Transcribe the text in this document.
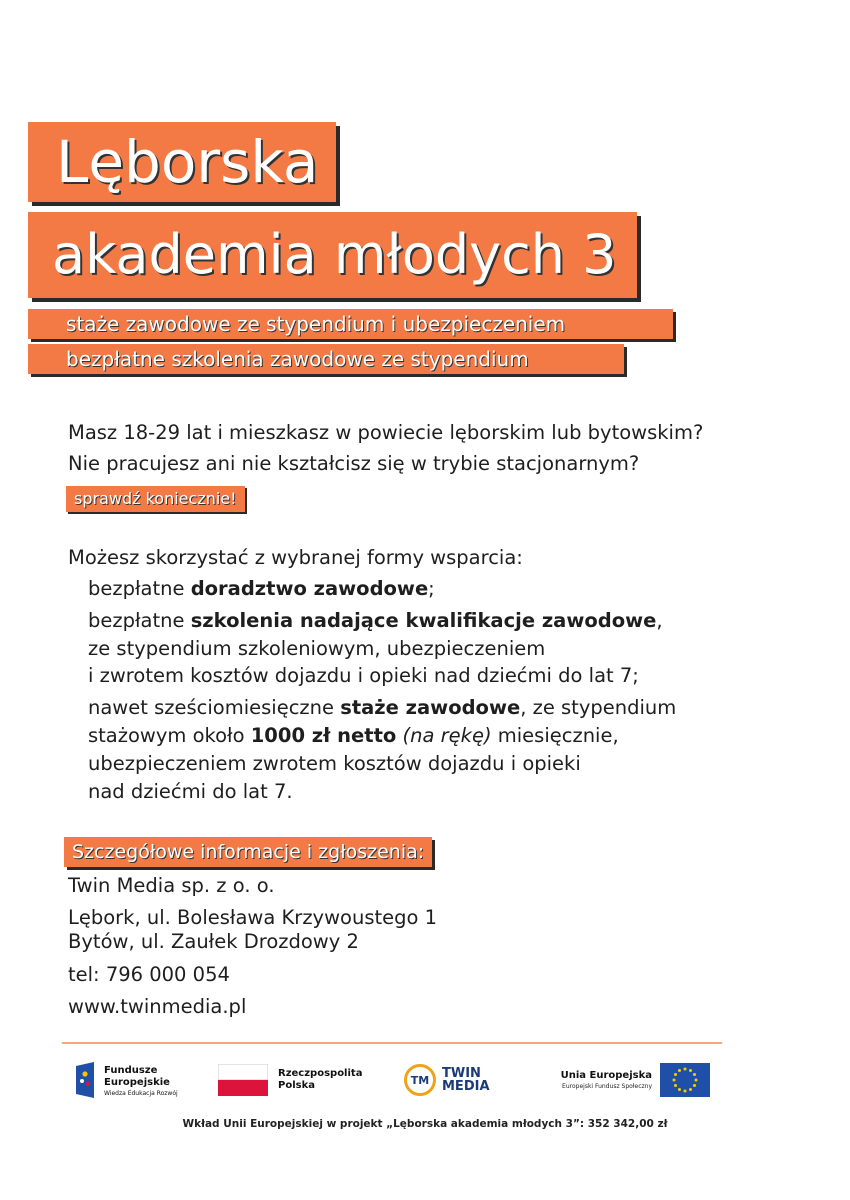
Lęborska
akademia młodych 3
staże zawodowe ze stypendium i ubezpieczeniem
bezpłatne szkolenia zawodowe ze stypendium
Masz 18-29 lat i mieszkasz w powiecie lęborskim lub bytowskim?
Nie pracujesz ani nie kształcisz się w trybie stacjonarnym?
sprawdź koniecznie!
Możesz skorzystać z wybranej formy wsparcia:
bezpłatne doradztwo zawodowe;
bezpłatne szkolenia nadające kwalifikacje zawodowe,
ze stypendium szkoleniowym, ubezpieczeniem
i zwrotem kosztów dojazdu i opieki nad dziećmi do lat 7;
nawet sześciomiesięczne staże zawodowe, ze stypendium
stażowym około 1000 zł netto (na rękę) miesięcznie,
ubezpieczeniem zwrotem kosztów dojazdu i opieki
nad dziećmi do lat 7.
Szczegółowe informacje i zgłoszenia:
Twin Media sp. z o. o.
Lębork, ul. Bolesława Krzywoustego 1
Bytów, ul. Zaułek Drozdowy 2
tel: 796 000 054
www.twinmedia.pl
Fundusze
Europejskie
Wiedza Edukacja Rozwój
Rzeczpospolita
Polska	TM TWIN
MEDIA
Unia Europejska
Europejski Fundusz Społeczny
Wkład Unii Europejskiej w projekt „Lęborska akademia młodych 3”: 352 342,00 zł
